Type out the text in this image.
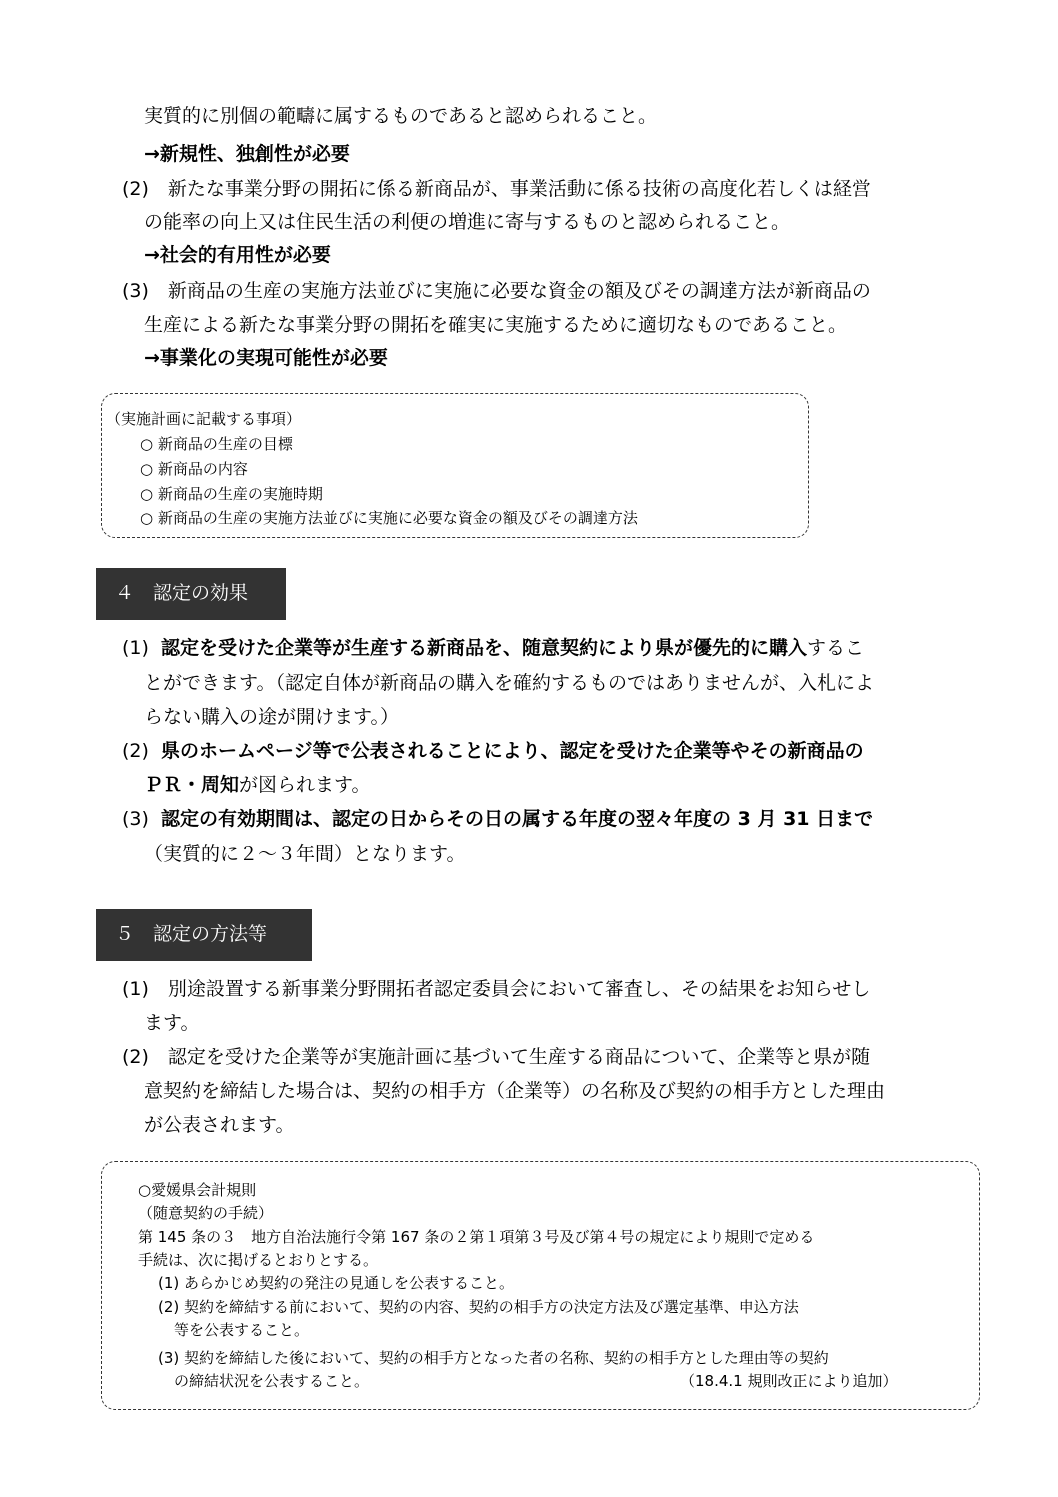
実質的に別個の範疇に属するものであると認められること。
→新規性、独創性が必要
(2)　新たな事業分野の開拓に係る新商品が、事業活動に係る技術の高度化若しくは経営
の能率の向上又は住民生活の利便の増進に寄与するものと認められること。
→社会的有用性が必要
(3)　新商品の生産の実施方法並びに実施に必要な資金の額及びその調達方法が新商品の
生産による新たな事業分野の開拓を確実に実施するために適切なものであること。
→事業化の実現可能性が必要
（実施計画に記載する事項）
○ 新商品の生産の目標
○ 新商品の内容
○ 新商品の生産の実施時期
○ 新商品の生産の実施方法並びに実施に必要な資金の額及びその調達方法
４　認定の効果
(1) 認定を受けた企業等が生産する新商品を、随意契約により県が優先的に購入するこ
とができます。（認定自体が新商品の購入を確約するものではありませんが、入札によ
らない購入の途が開けます。）
(2) 県のホームページ等で公表されることにより、認定を受けた企業等やその新商品の
ＰＲ・周知が図られます。
(3) 認定の有効期間は、認定の日からその日の属する年度の翌々年度の 3 月 31 日まで
（実質的に２～３年間）となります。
５　認定の方法等
(1)　別途設置する新事業分野開拓者認定委員会において審査し、その結果をお知らせし
ます。
(2)　認定を受けた企業等が実施計画に基づいて生産する商品について、企業等と県が随
意契約を締結した場合は、契約の相手方（企業等）の名称及び契約の相手方とした理由
が公表されます。
○愛媛県会計規則
（随意契約の手続）
第 145 条の３　地方自治法施行令第 167 条の２第１項第３号及び第４号の規定により規則で定める
手続は、次に掲げるとおりとする。
(1) あらかじめ契約の発注の見通しを公表すること。
(2) 契約を締結する前において、契約の内容、契約の相手方の決定方法及び選定基準、申込方法
等を公表すること。
(3) 契約を締結した後において、契約の相手方となった者の名称、契約の相手方とした理由等の契約
の締結状況を公表すること。	（18.4.1 規則改正により追加）
